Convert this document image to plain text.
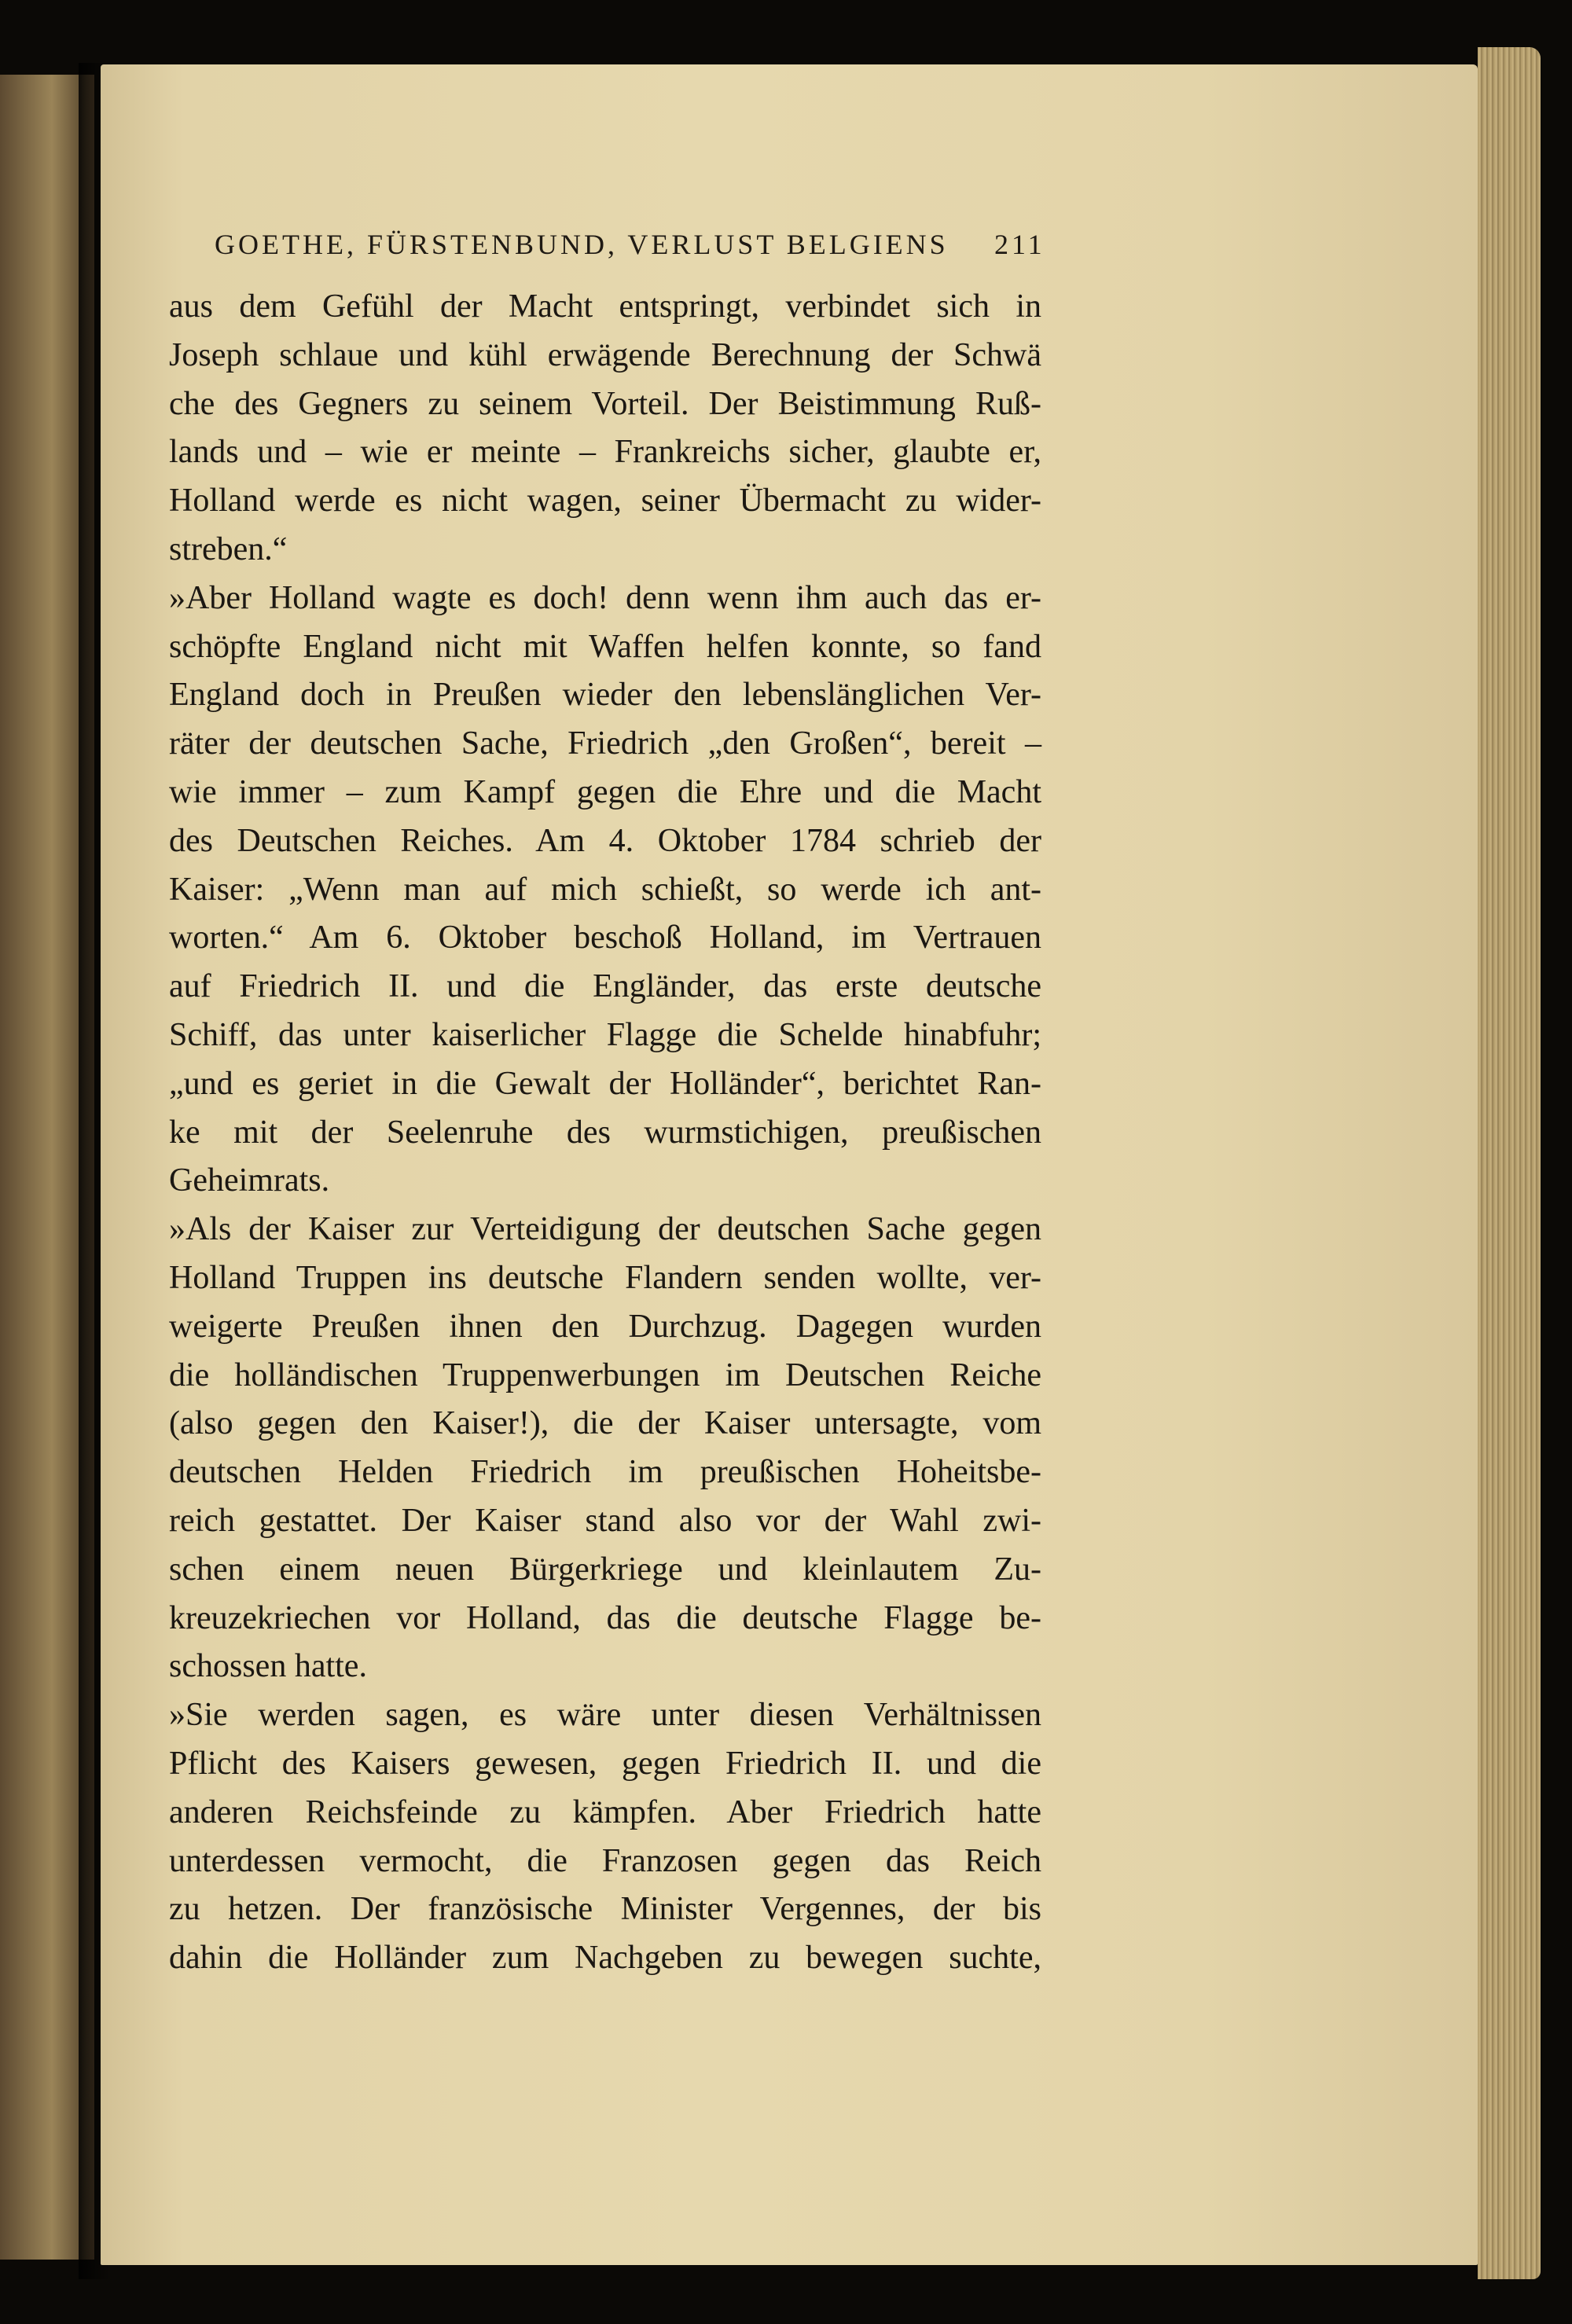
GOETHE, FÜRSTENBUND, VERLUST BELGIENS	211
aus dem Gefühl der Macht entspringt, verbindet sich in
Joseph schlaue und kühl erwägende Berechnung der Schwä
che des Gegners zu seinem Vorteil. Der Beistimmung Ruß-
lands und – wie er meinte – Frankreichs sicher, glaubte er,
Holland werde es nicht wagen, seiner Übermacht zu wider-
streben.“
»Aber Holland wagte es doch! denn wenn ihm auch das er-
schöpfte England nicht mit Waffen helfen konnte, so fand
England doch in Preußen wieder den lebenslänglichen Ver-
räter der deutschen Sache, Friedrich „den Großen“, bereit –
wie immer – zum Kampf gegen die Ehre und die Macht
des Deutschen Reiches. Am 4. Oktober 1784 schrieb der
Kaiser: „Wenn man auf mich schießt, so werde ich ant-
worten.“ Am 6. Oktober beschoß Holland, im Vertrauen
auf Friedrich II. und die Engländer, das erste deutsche
Schiff, das unter kaiserlicher Flagge die Schelde hinabfuhr;
„und es geriet in die Gewalt der Holländer“, berichtet Ran-
ke mit der Seelenruhe des wurmstichigen, preußischen
Geheimrats.
»Als der Kaiser zur Verteidigung der deutschen Sache gegen
Holland Truppen ins deutsche Flandern senden wollte, ver-
weigerte Preußen ihnen den Durchzug. Dagegen wurden
die holländischen Truppenwerbungen im Deutschen Reiche
(also gegen den Kaiser!), die der Kaiser untersagte, vom
deutschen Helden Friedrich im preußischen Hoheitsbe-
reich gestattet. Der Kaiser stand also vor der Wahl zwi-
schen einem neuen Bürgerkriege und kleinlautem Zu-
kreuzekriechen vor Holland, das die deutsche Flagge be-
schossen hatte.
»Sie werden sagen, es wäre unter diesen Verhältnissen
Pflicht des Kaisers gewesen, gegen Friedrich II. und die
anderen Reichsfeinde zu kämpfen. Aber Friedrich hatte
unterdessen vermocht, die Franzosen gegen das Reich
zu hetzen. Der französische Minister Vergennes, der bis
dahin die Holländer zum Nachgeben zu bewegen suchte,
